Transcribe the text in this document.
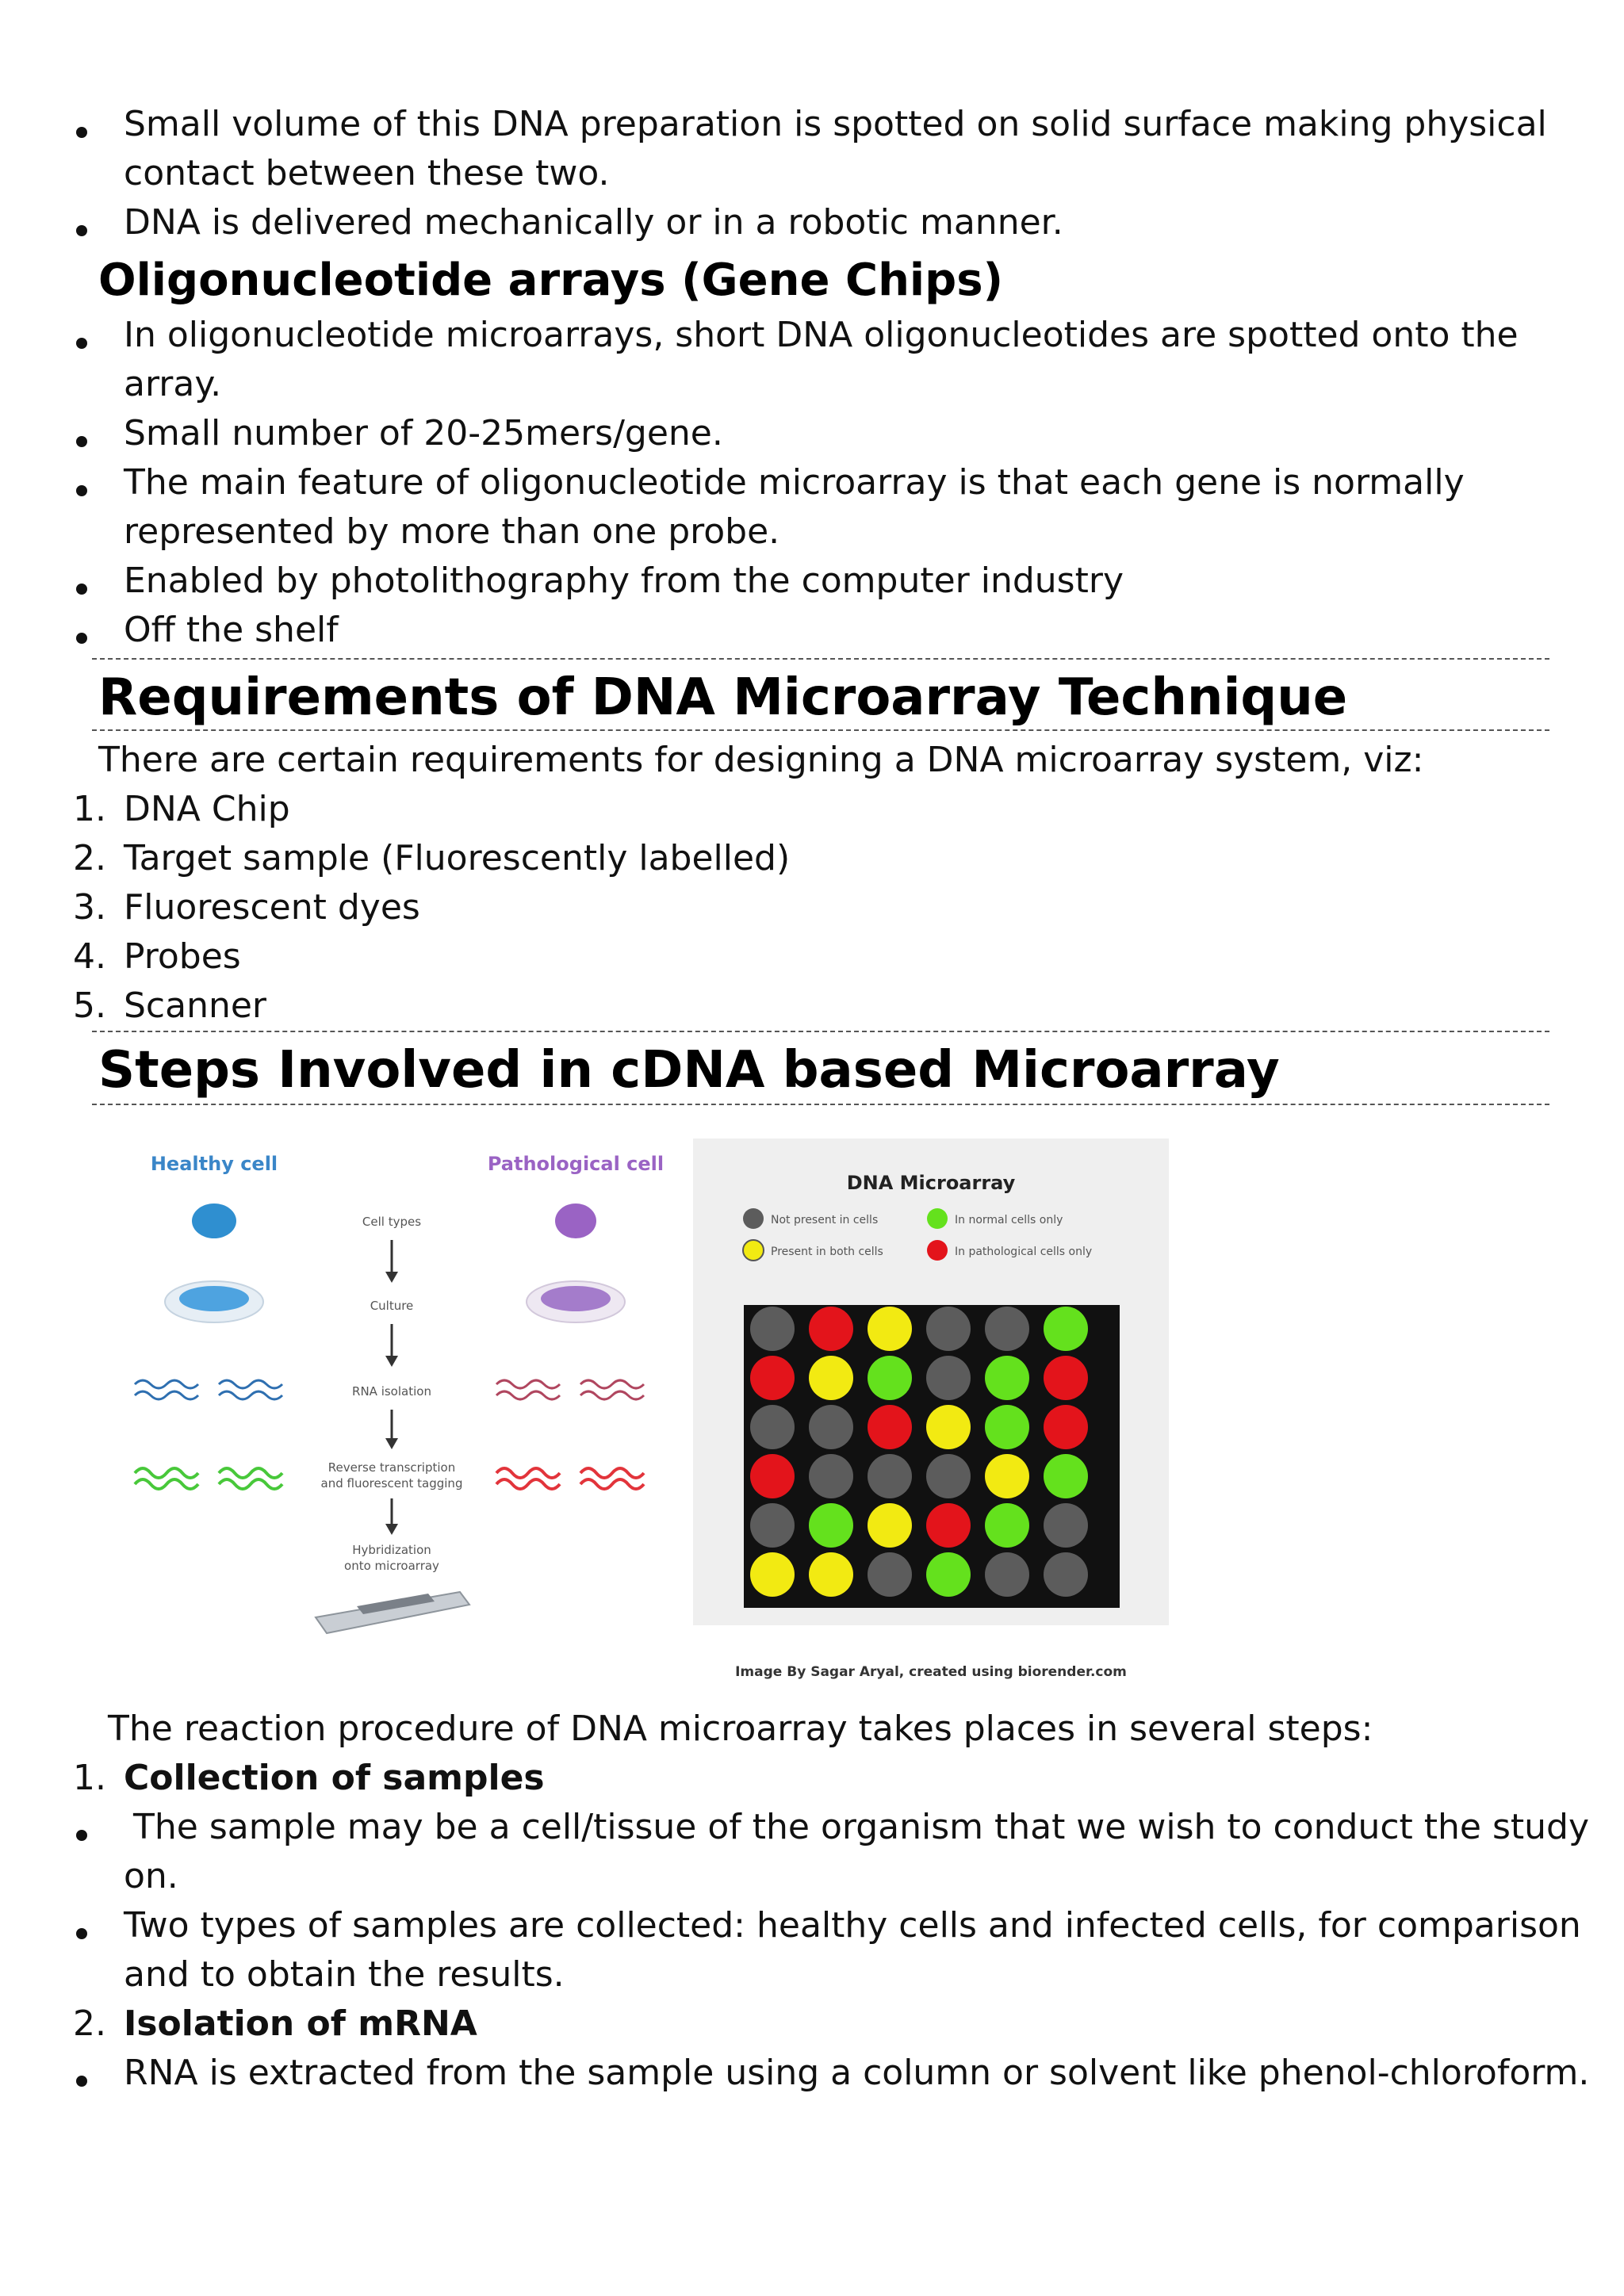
Small volume of this DNA preparation is spotted on solid surface making physical

contact between these two.

DNA is delivered mechanically or in a robotic manner.

Oligonucleotide arrays (Gene Chips)

In oligonucleotide microarrays, short DNA oligonucleotides are spotted onto the

array.

Small number of 20-25mers/gene.

The main feature of oligonucleotide microarray is that each gene is normally

represented by more than one probe.

Enabled by photolithography from the computer industry

Off the shelf

Requirements of DNA Microarray Technique

There are certain requirements for designing a DNA microarray system, viz:

1. DNA Chip

2. Target sample (Fluorescently labelled)

3. Fluorescent dyes

4. Probes

5. Scanner

Steps Involved in cDNA based Microarray
Healthy cell	Pathological cell
Cell types
Culture
RNA isolation
Reverse transcription
and fluorescent tagging
Hybridization
onto microarray
DNA Microarray
Not present in cells	In normal cells only
Present in both cells	In pathological cells only
Image By Sagar Aryal, created using biorender.com

The reaction procedure of DNA microarray takes places in several steps:

1. Collection of samples

The sample may be a cell/tissue of the organism that we wish to conduct the study

on.

Two types of samples are collected: healthy cells and infected cells, for comparison

and to obtain the results.

2. Isolation of mRNA

RNA is extracted from the sample using a column or solvent like phenol-chloroform.
